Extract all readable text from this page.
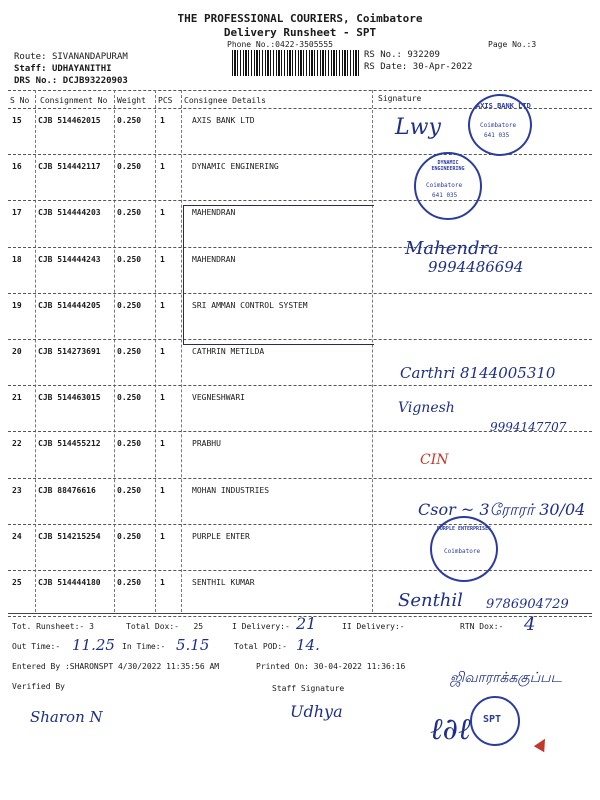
THE PROFESSIONAL COURIERS, Coimbatore
Delivery Runsheet - SPT
Phone No.:0422-3505555	Page No.:3
Route: SIVANANDAPURAM
Staff: UDHAYANITHI
DRS No.: DCJB93220903
RS No.: 932209
RS Date: 30-Apr-2022
S No Consignment No Weight PCS Consignee Details	Signature
15 CJB 514462015 0.250 1	AXIS BANK LTD
16 CJB 514442117 0.250 1	DYNAMIC ENGINERING
17 CJB 514444203 0.250 1	MAHENDRAN
18 CJB 514444243 0.250 1	MAHENDRAN
19 CJB 514444205 0.250 1	SRI AMMAN CONTROL SYSTEM
20 CJB 514273691 0.250 1	CATHRIN METILDA
21 CJB 514463015 0.250 1	VEGNESHWARI
22 CJB 514455212 0.250 1	PRABHU
23 CJB 88476616	0.250 1	MOHAN INDUSTRIES
24 CJB 514215254 0.250 1	PURPLE ENTER
25 CJB 514444180 0.250 1	SENTHIL KUMAR
Lwy
AXIS BANK LTD
Coimbatore
641 035
DYNAMIC ENGINEERING
Coimbatore
641 035
Mahendra
9994486694
Carthri 8144005310
Vignesh
9994147707
CIN
Csor ~ 3ரோரர் 30/04
PURPLE ENTERPRISES
Coimbatore
Senthil 9786904729
Tot. Runsheet:- 3	Total Dox:- 25	I Delivery:- 21	II Delivery:-	RTN Dox:- 4
Out Time:- 11.25 In Time:- 5.15	Total POD:- 14.
Entered By :SHARONSPT 4/30/2022 11:35:56 AM	Printed On: 30-04-2022 11:36:16
Verified By
Sharon N
Staff Signature
Udhya
ஜிவாராக்ககுப்பட
SPT
ℓ∂ℓ
